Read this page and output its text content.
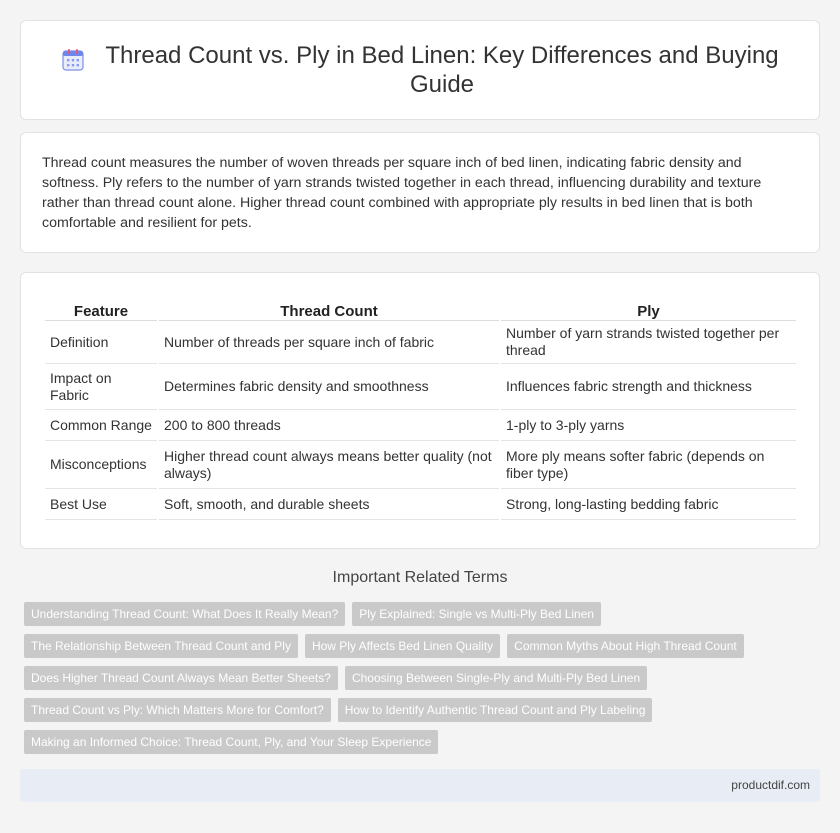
Thread Count vs. Ply in Bed Linen: Key Differences and Buying Guide

Thread count measures the number of woven threads per square inch of bed linen, indicating fabric density and softness. Ply refers to the number of yarn strands twisted together in each thread, influencing durability and texture rather than thread count alone. Higher thread count combined with appropriate ply results in bed linen that is both comfortable and resilient for pets.

Feature	Thread Count	Ply
Definition	Number of threads per square inch of fabric	Number of yarn strands twisted together per thread
Impact on Fabric	Determines fabric density and smoothness	Influences fabric strength and thickness
Common Range	200 to 800 threads	1-ply to 3-ply yarns
Misconceptions	Higher thread count always means better quality (not always)	More ply means softer fabric (depends on fiber type)
Best Use	Soft, smooth, and durable sheets	Strong, long-lasting bedding fabric
Important Related Terms
Understanding Thread Count: What Does It Really Mean?	Ply Explained: Single vs Multi-Ply Bed Linen
The Relationship Between Thread Count and Ply	How Ply Affects Bed Linen Quality	Common Myths About High Thread Count
Does Higher Thread Count Always Mean Better Sheets?	Choosing Between Single-Ply and Multi-Ply Bed Linen
Thread Count vs Ply: Which Matters More for Comfort?	How to Identify Authentic Thread Count and Ply Labeling
Making an Informed Choice: Thread Count, Ply, and Your Sleep Experience
productdif.com
